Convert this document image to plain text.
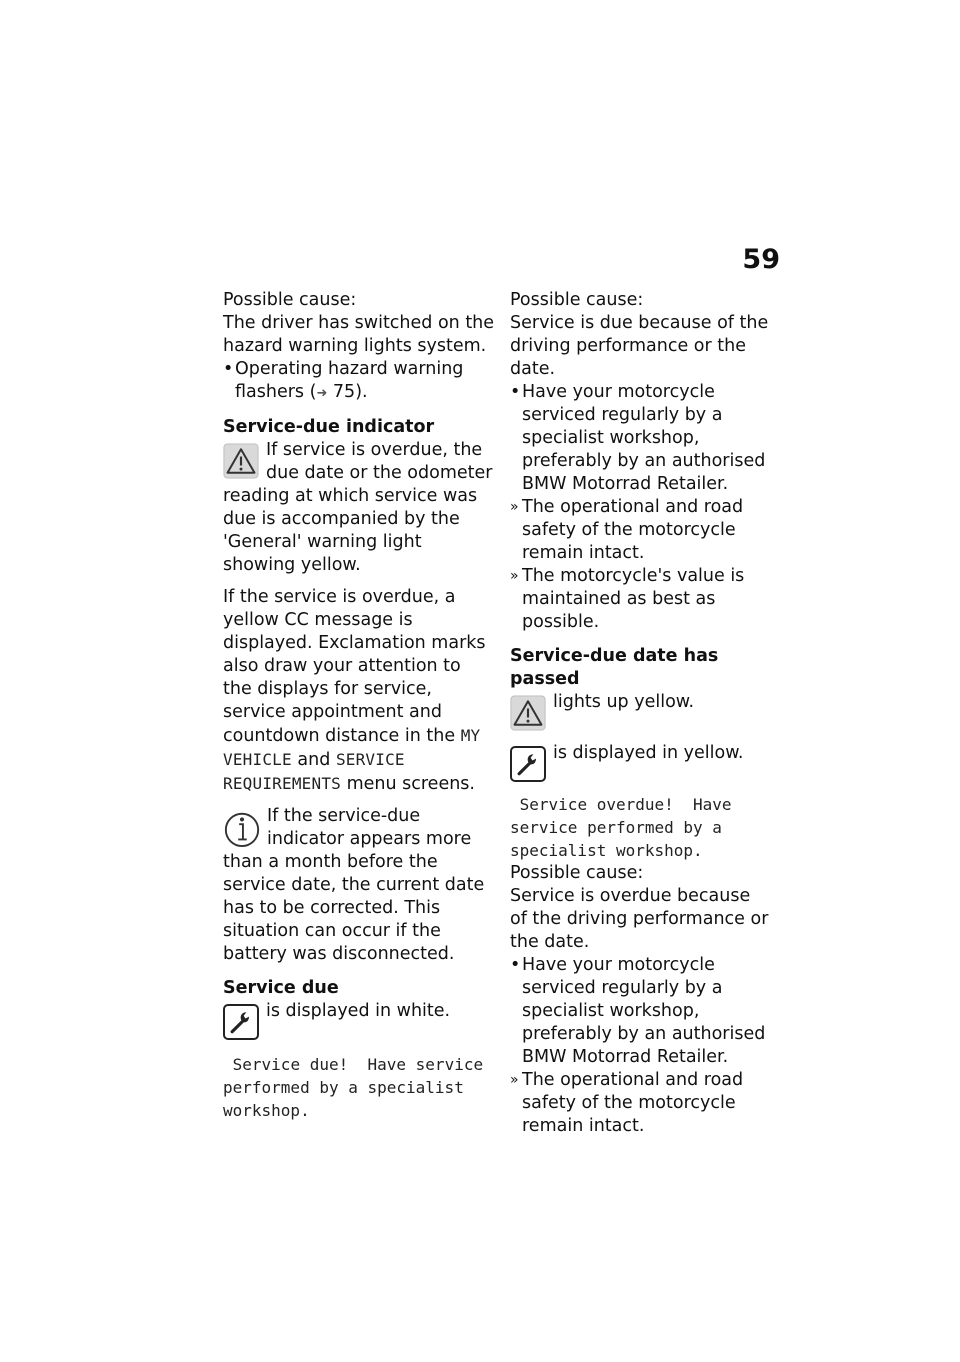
59

Possible cause:

The driver has switched on the hazard warning lights system.

• Operating hazard warning flashers (➜ 75).
Service-due indicator

If service is overdue, the due date or the odometer reading at which service was due is accompanied by the 'General' warning light showing yellow.

If the service is overdue, a yellow CC message is displayed. Exclamation marks also draw your attention to the displays for service, service appointment and countdown distance in the MY VEHICLE and SERVICE REQUIREMENTS menu screens.

If the service-due indicator appears more than a month before the service date, the current date has to be corrected. This situation can occur if the battery was disconnected.

Service due

is displayed in white.

Service due!  Have service performed by a specialist workshop.

Possible cause:

Service is due because of the driving performance or the date.

• Have your motorcycle serviced regularly by a specialist workshop, preferably by an authorised BMW Motorrad Retailer.
» The operational and road safety of the motorcycle remain intact.
» The motorcycle's value is maintained as best as possible.
Service-due date has passed

lights up yellow.

is displayed in yellow.

Service overdue!  Have service performed by a specialist workshop.

Possible cause:

Service is overdue because of the driving performance or the date.

• Have your motorcycle serviced regularly by a specialist workshop, preferably by an authorised BMW Motorrad Retailer.
» The operational and road safety of the motorcycle remain intact.
